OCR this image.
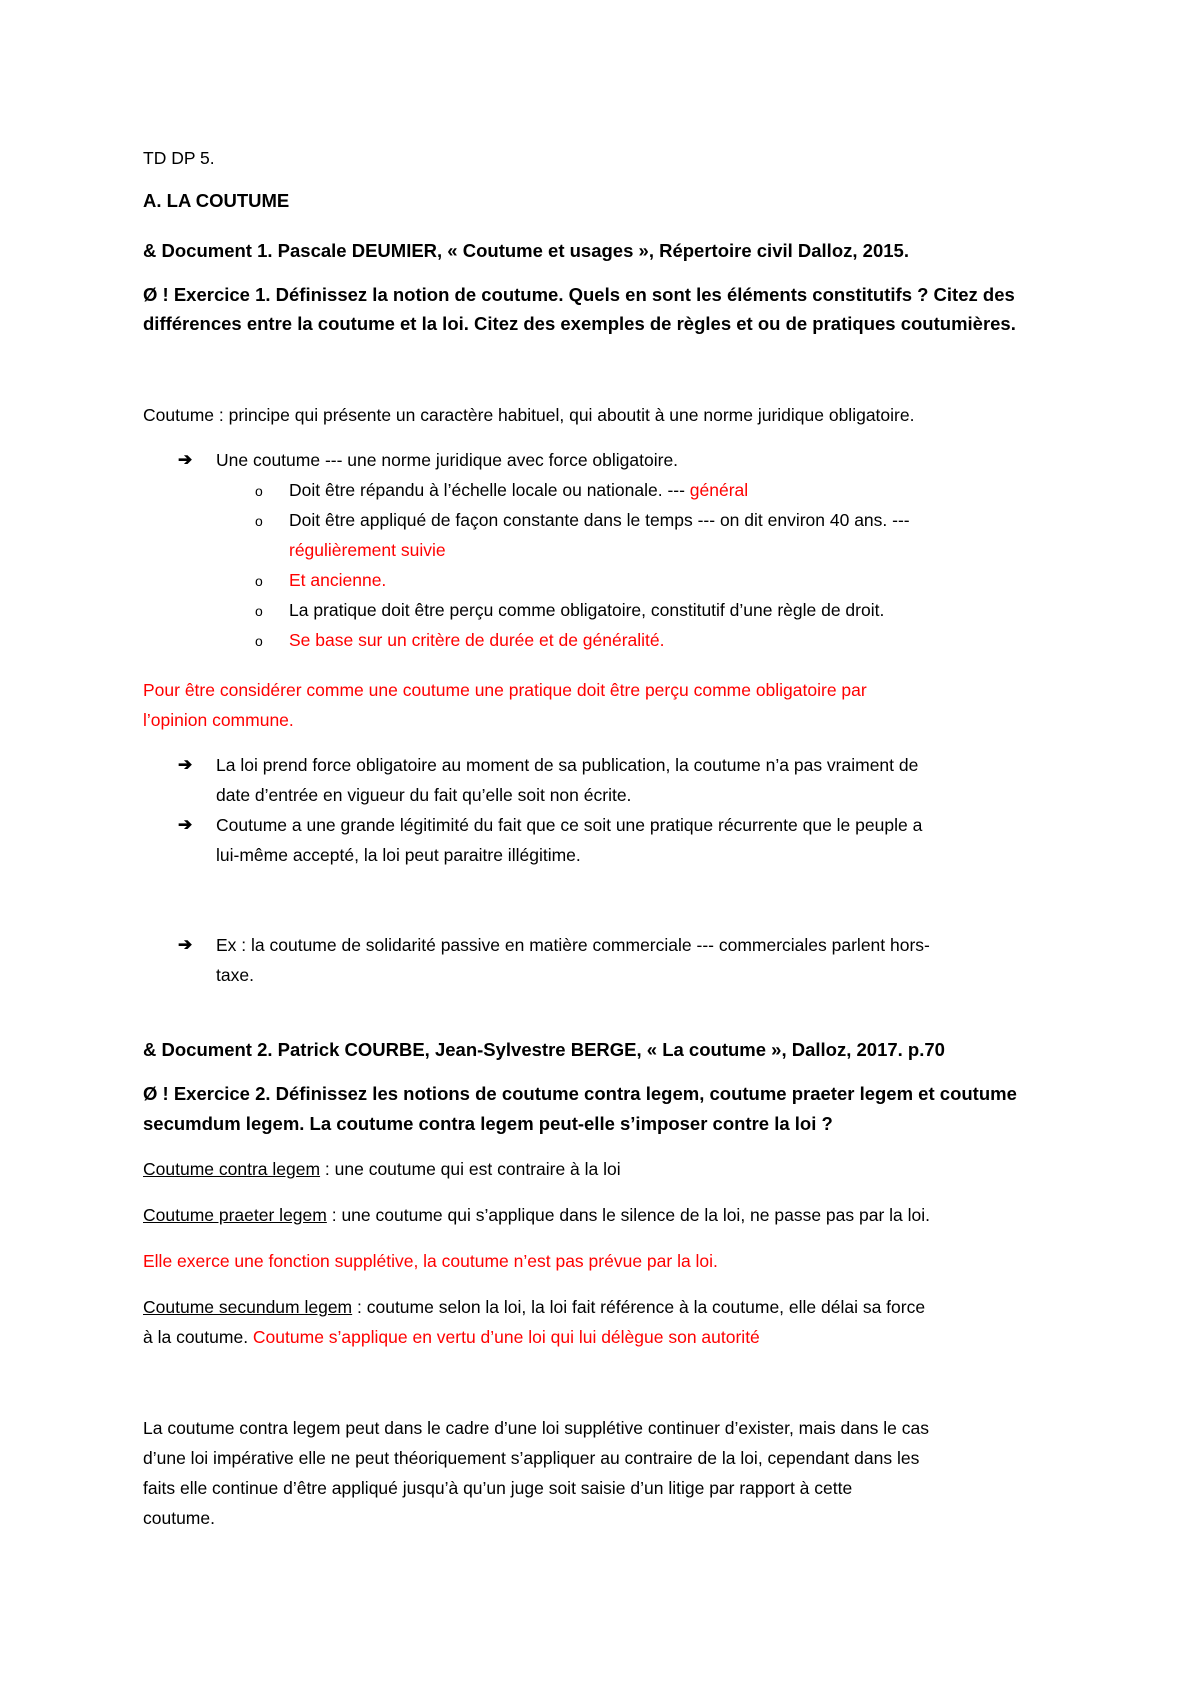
TD DP 5.
A. LA COUTUME
& Document 1. Pascale DEUMIER, « Coutume et usages », Répertoire civil Dalloz, 2015.
Ø ! Exercice 1. Définissez la notion de coutume. Quels en sont les éléments constitutifs ? Citez des
différences entre la coutume et la loi. Citez des exemples de règles et ou de pratiques coutumières.
Coutume : principe qui présente un caractère habituel, qui aboutit à une norme juridique obligatoire.
➔ Une coutume --- une norme juridique avec force obligatoire.
o Doit être répandu à l’échelle locale ou nationale. --- général
o Doit être appliqué de façon constante dans le temps --- on dit environ 40 ans. ---
régulièrement suivie
o Et ancienne.
o La pratique doit être perçu comme obligatoire, constitutif d’une règle de droit.
o Se base sur un critère de durée et de généralité.
Pour être considérer comme une coutume une pratique doit être perçu comme obligatoire par
l’opinion commune.
➔ La loi prend force obligatoire au moment de sa publication, la coutume n’a pas vraiment de
date d’entrée en vigueur du fait qu’elle soit non écrite.
➔ Coutume a une grande légitimité du fait que ce soit une pratique récurrente que le peuple a
lui-même accepté, la loi peut paraitre illégitime.
➔ Ex : la coutume de solidarité passive en matière commerciale --- commerciales parlent hors-
taxe.
& Document 2. Patrick COURBE, Jean-Sylvestre BERGE, « La coutume », Dalloz, 2017. p.70
Ø ! Exercice 2. Définissez les notions de coutume contra legem, coutume praeter legem et coutume
secumdum legem. La coutume contra legem peut-elle s’imposer contre la loi ?
Coutume contra legem : une coutume qui est contraire à la loi
Coutume praeter legem : une coutume qui s’applique dans le silence de la loi, ne passe pas par la loi.
Elle exerce une fonction supplétive, la coutume n’est pas prévue par la loi.
Coutume secundum legem : coutume selon la loi, la loi fait référence à la coutume, elle délai sa force
à la coutume. Coutume s’applique en vertu d’une loi qui lui délègue son autorité
La coutume contra legem peut dans le cadre d’une loi supplétive continuer d’exister, mais dans le cas
d’une loi impérative elle ne peut théoriquement s’appliquer au contraire de la loi, cependant dans les
faits elle continue d’être appliqué jusqu’à qu’un juge soit saisie d’un litige par rapport à cette
coutume.
